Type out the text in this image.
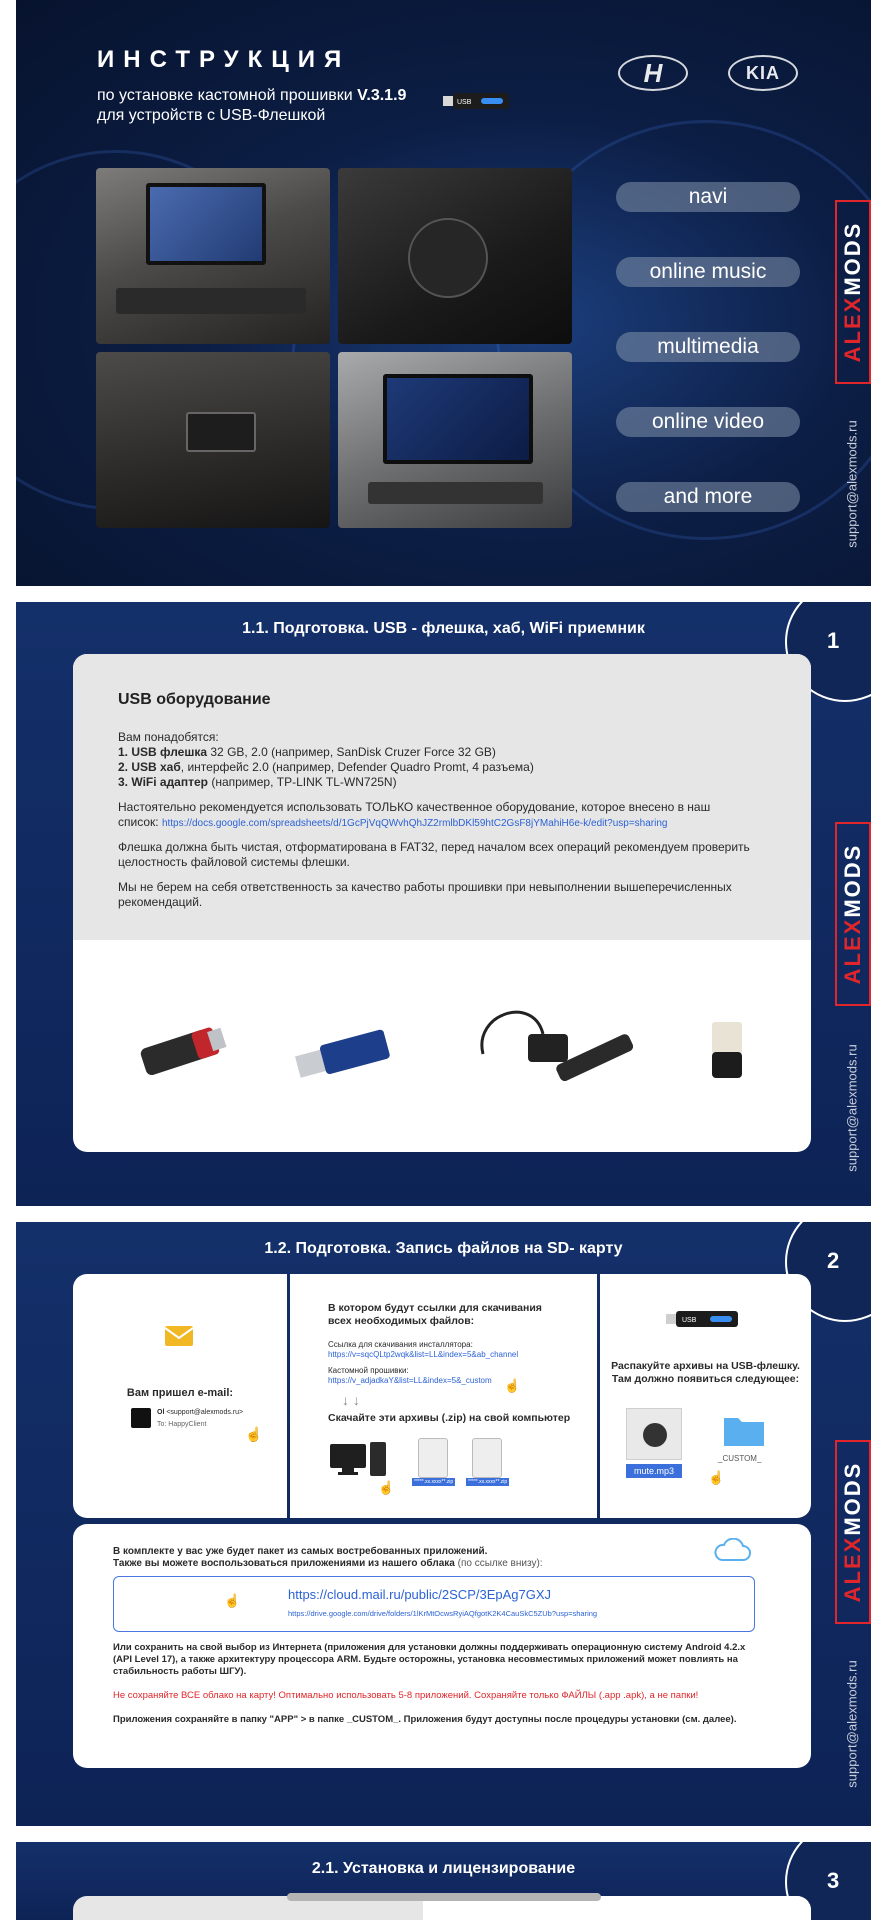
ИНСТРУКЦИЯ
по установке кастомной прошивки V.3.1.9
для устройств с USB-Флешкой
USB
H	KIA
navi
online music
multimedia
online video
and more
ALEXMODS
support@alexmods.ru
1.1. Подготовка. USB - флешка, хаб, WiFi приемник	1
USB оборудование
Вам понадобятся:
1. USB флешка 32 GB, 2.0 (например, SanDisk Cruzer Force 32 GB)
2. USB хаб, интерфейс 2.0 (например, Defender Quadro Promt, 4 разъема)
3. WiFi адаптер (например, TP-LINK TL-WN725N)
Настоятельно рекомендуется использовать ТОЛЬКО качественное оборудование, которое внесено в наш
список: https://docs.google.com/spreadsheets/d/1GcPjVqQWvhQhJZ2rmlbDKl59htC2GsF8jYMahiH6e-k/edit?usp=sharing
Флешка должна быть чистая, отформатирована в FAT32, перед началом всех операций рекомендуем проверить
целостность файловой системы флешки.
Мы не берем на себя ответственность за качество работы прошивки при невыполнении вышеперечисленных
рекомендаций.
ALEXMODS
support@alexmods.ru
1.2. Подготовка. Запись файлов на SD- карту	2
Вам пришел e-mail:
Ol <support@alexmods.ru>
To: HappyClient
☝
В котором будут ссылки для скачивания
всех необходимых файлов:
Ссылка для скачивания инсталлятора:
https://v=sqcQLtp2wqk&list=LL&index=5&ab_channel
Кастомной прошивки:
https://v_adjadkaY&list=LL&index=5&_custom ☝
↓ ↓
Скачайте эти архивы (.zip) на свой компьютер
*****.xx.xxxx**.zip	*****.xx.xxxx**.zip
☝
USB
Распакуйте архивы на USB-флешку.
Там должно появиться следующее:
mute.mp3
_CUSTOM_
☝
В комплекте у вас уже будет пакет из самых востребованных приложений.
Также вы можете воспользоваться приложениями из нашего облака (по ссылке внизу):
☝	https://cloud.mail.ru/public/2SCP/3EpAg7GXJ
https://drive.google.com/drive/folders/1lKrMtOcwsRyiAQfgotK2K4CauSkC5ZUb?usp=sharing
Или сохранить на свой выбор из Интернета (приложения для установки должны поддерживать операционную систему Android 4.2.х
(API Level 17), а также архитектуру процессора ARM. Будьте осторожны, установка несовместимых приложений может повлиять на
стабильность работы ШГУ).
Не сохраняйте ВСЕ облако на карту! Оптимально использовать 5-8 приложений. Сохраняйте только ФАЙЛЫ (.app .apk), а не папки!
Приложения сохраняйте в папку "APP" > в папке _CUSTOM_. Приложения будут доступны после процедуры установки (см. далее).
ALEXMODS
support@alexmods.ru
2.1. Установка и лицензирование	3
